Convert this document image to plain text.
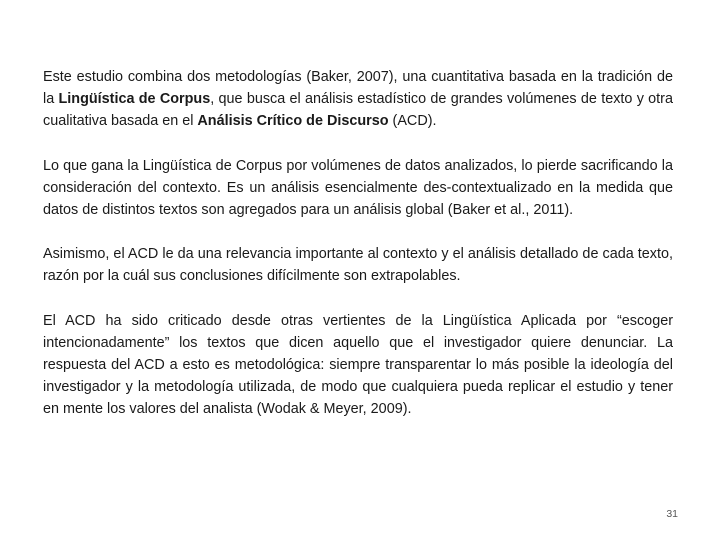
Este estudio combina dos metodologías (Baker, 2007), una cuantitativa basada en la tradición de la Lingüística de Corpus, que busca el análisis estadístico de grandes volúmenes de texto y otra cualitativa basada en el Análisis Crítico de Discurso (ACD).

Lo que gana la Lingüística de Corpus por volúmenes de datos analizados, lo pierde sacrificando la consideración del contexto. Es un análisis esencialmente des-contextualizado en la medida que datos de distintos textos son agregados para un análisis global (Baker et al., 2011).

Asimismo, el ACD le da una relevancia importante al contexto y el análisis detallado de cada texto, razón por la cuál sus conclusiones difícilmente son extrapolables.

El ACD ha sido criticado desde otras vertientes de la Lingüística Aplicada por “escoger intencionadamente” los textos que dicen aquello que el investigador quiere denunciar. La respuesta del ACD a esto es metodológica: siempre transparentar lo más posible la ideología del investigador y la metodología utilizada, de modo que cualquiera pueda replicar el estudio y tener en mente los valores del analista (Wodak & Meyer, 2009).

31
